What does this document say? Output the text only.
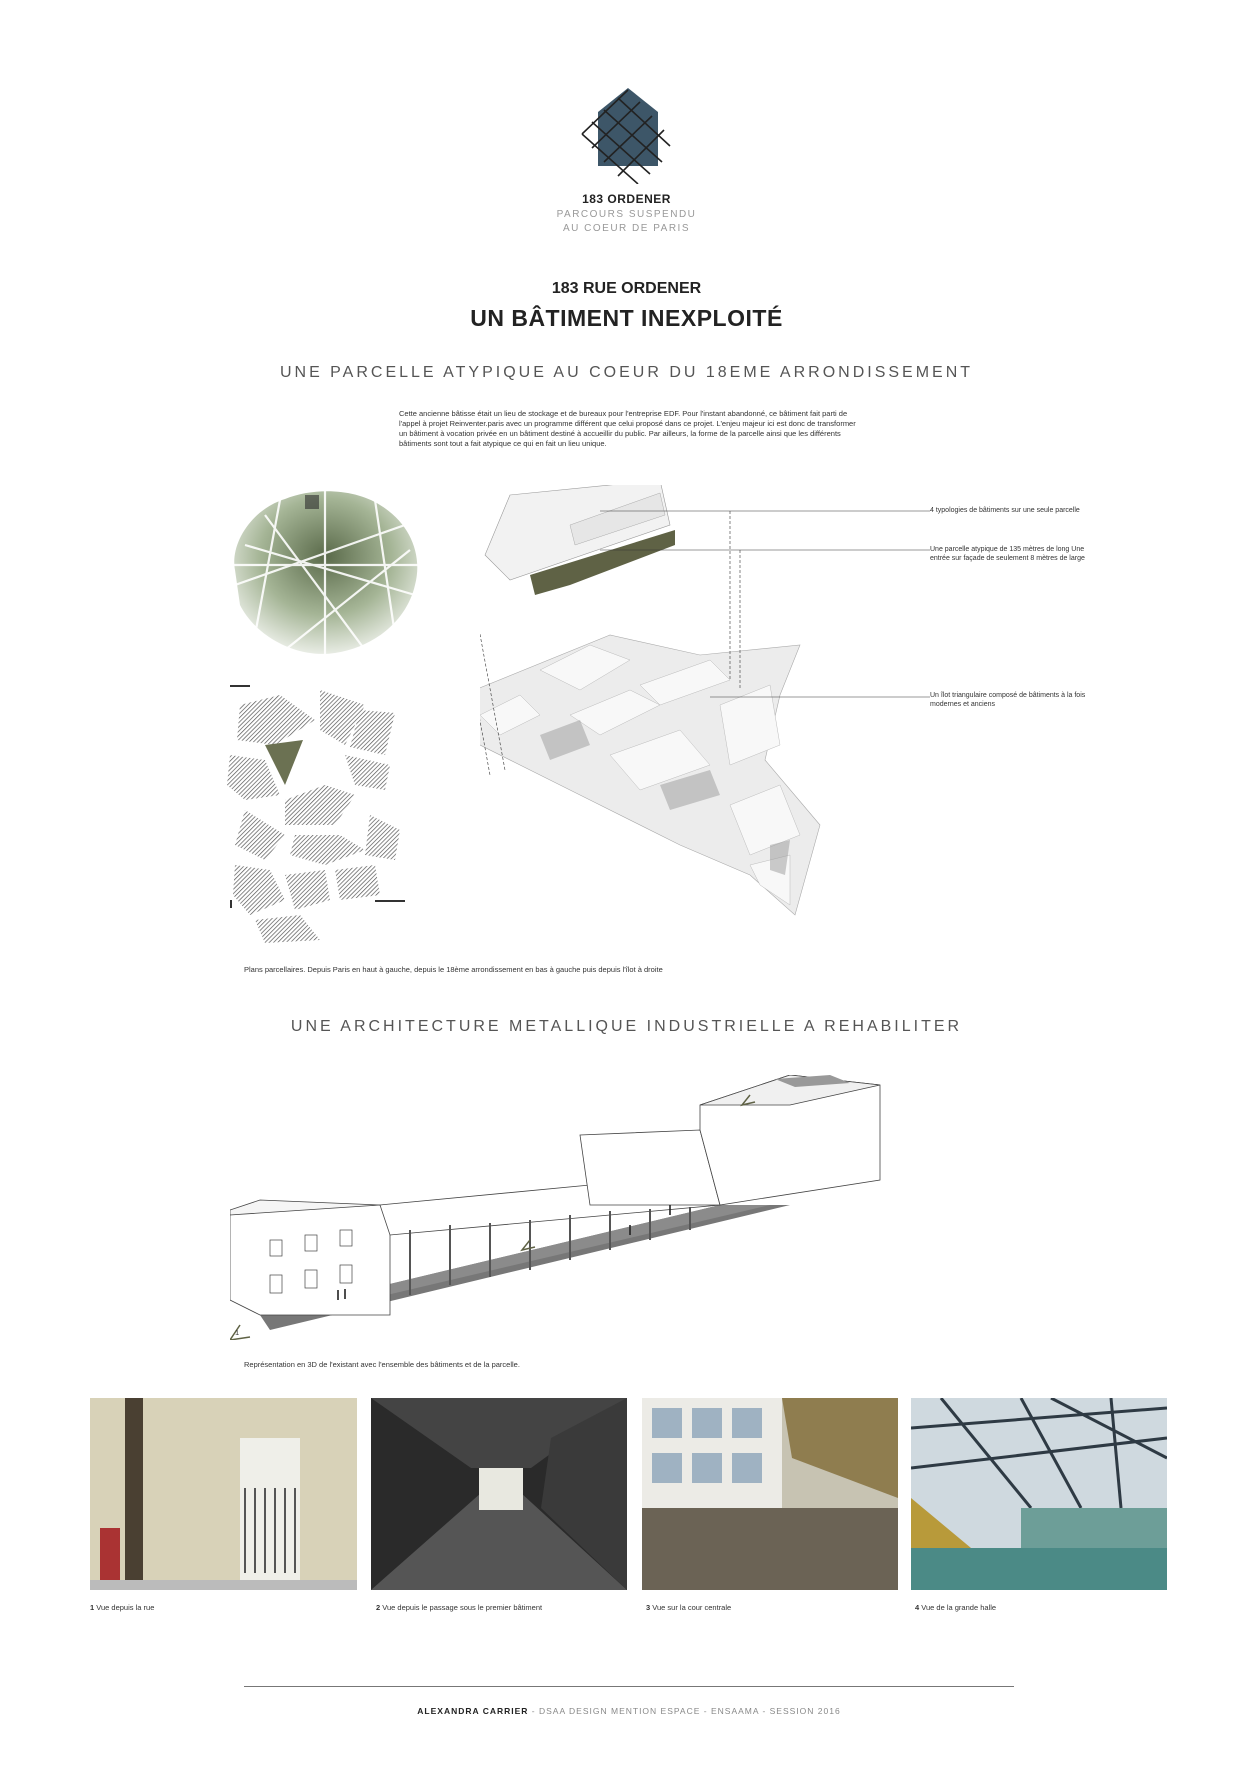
183 ORDENER
PARCOURS SUSPENDU
AU COEUR DE PARIS
183 RUE ORDENER
UN BÂTIMENT INEXPLOITÉ
UNE PARCELLE ATYPIQUE AU COEUR DU 18EME ARRONDISSEMENT
Cette ancienne bâtisse était un lieu de stockage et de bureaux pour l'entreprise EDF. Pour l'instant abandonné, ce bâtiment fait parti de l'appel à projet Reinventer.paris avec un programme différent que celui proposé dans ce projet. L'enjeu majeur ici est donc de transformer un bâtiment à vocation privée en un bâtiment destiné à accueillir du public. Par ailleurs, la forme de la parcelle ainsi que les différents bâtiments sont tout a fait atypique ce qui en fait un lieu unique.
4 typologies de bâtiments sur une seule parcelle
Une parcelle atypique de 135 mètres de long Une entrée sur façade de seulement 8 mètres de large
Un îlot triangulaire composé de bâtiments à la fois modernes et anciens
Plans parcellaires. Depuis Paris en haut à gauche, depuis le 18ème arrondissement en bas à gauche puis depuis l'îlot à droite
UNE ARCHITECTURE METALLIQUE INDUSTRIELLE A REHABILITER
1
Représentation en 3D de l'existant avec l'ensemble des bâtiments et de la parcelle.
1 Vue depuis la rue	2 Vue depuis le passage sous le premier bâtiment	3 Vue sur la cour centrale	4 Vue de la grande halle
ALEXANDRA CARRIER - DSAA DESIGN MENTION ESPACE - ENSAAMA - SESSION 2016
